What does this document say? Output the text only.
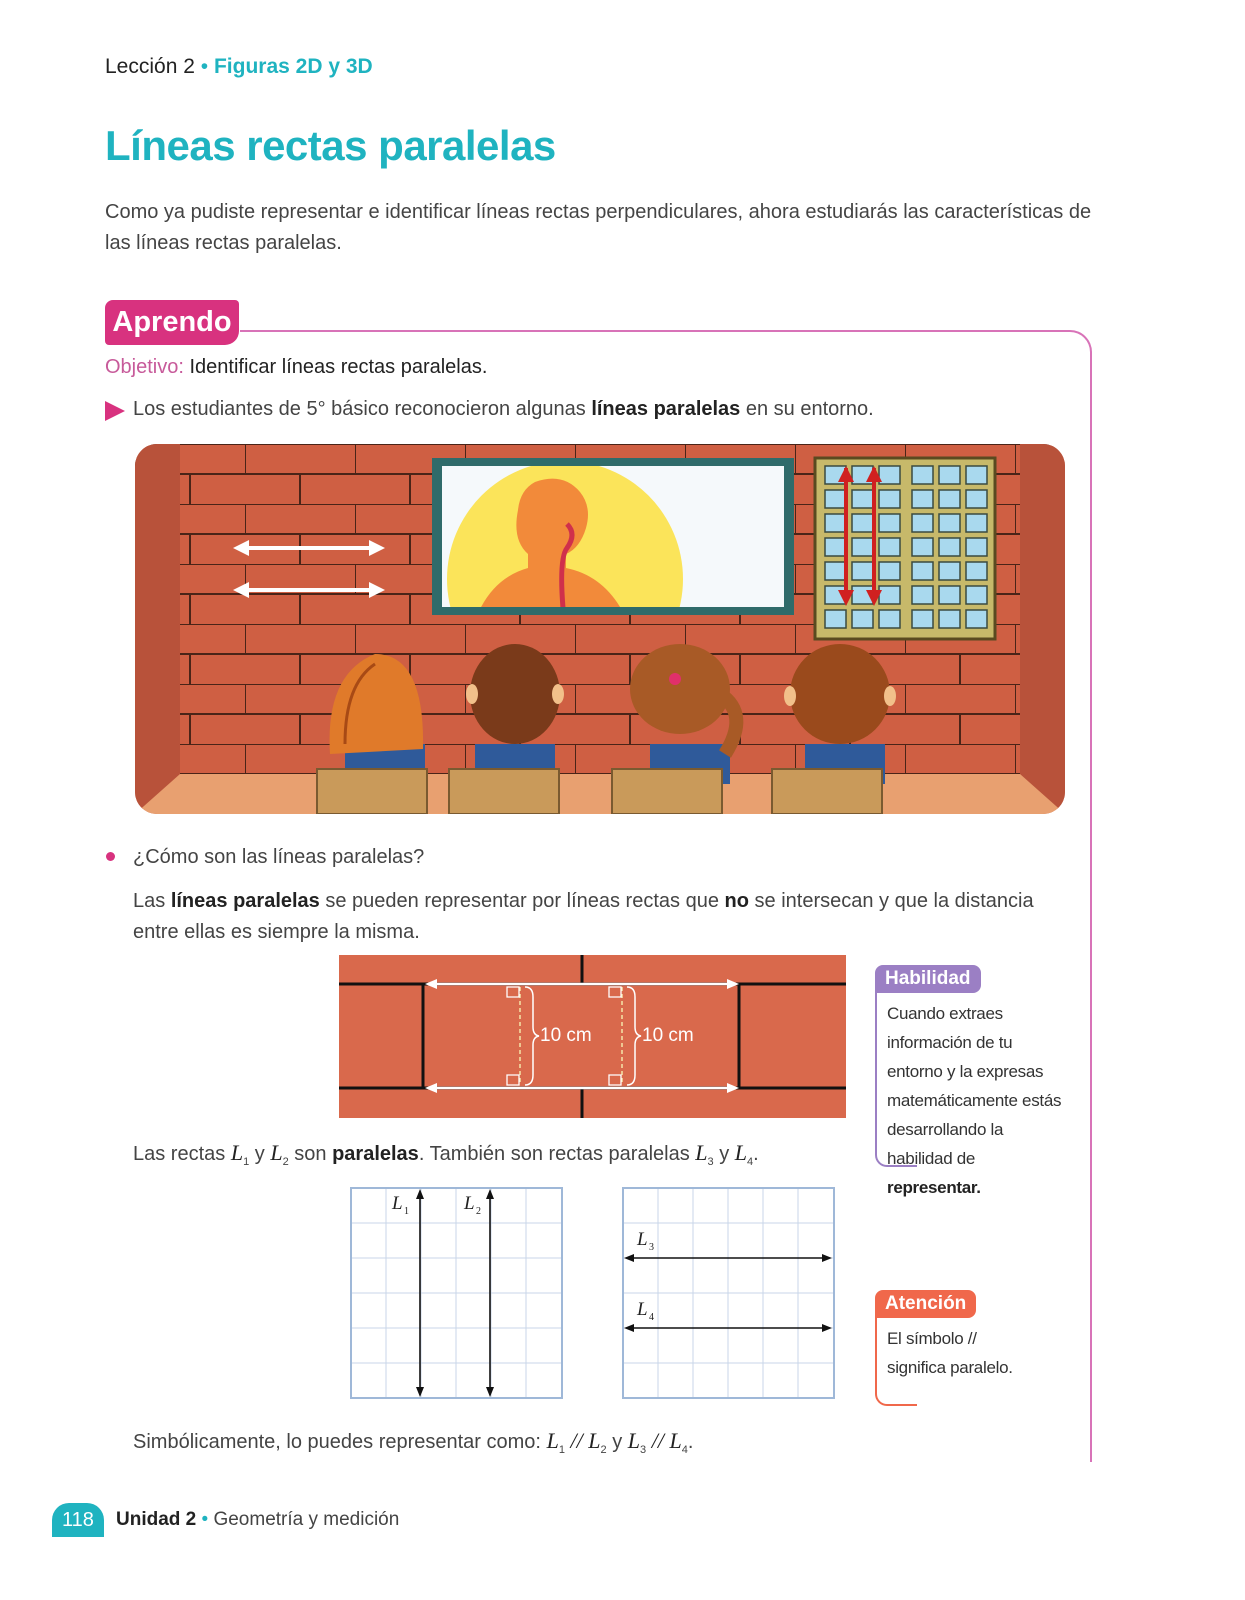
Lección 2 • Figuras 2D y 3D
Líneas rectas paralelas
Como ya pudiste representar e identificar líneas rectas perpendiculares, ahora estudiarás las características de las líneas rectas paralelas.
Aprendo
Objetivo: Identificar líneas rectas paralelas.
Los estudiantes de 5° básico reconocieron algunas líneas paralelas en su entorno.
¿Cómo son las líneas paralelas?
Las líneas paralelas se pueden representar por líneas rectas que no se intersecan y que la distancia entre ellas es siempre la misma.
10 cm	10 cm
Las rectas $L_1$ y $L_2$ son paralelas. También son rectas paralelas $L_3$ y $L_4$.
L 1	L 2
L 3
L 4
Simbólicamente, lo puedes representar como: $L_1 // L_2$ y $L_3 // L_4$.
Habilidad
Cuando extraes información de tu entorno y la expresas matemáticamente estás desarrollando la habilidad de representar.
Atención
El símbolo // significa paralelo.
118	Unidad 2 • Geometría y medición
